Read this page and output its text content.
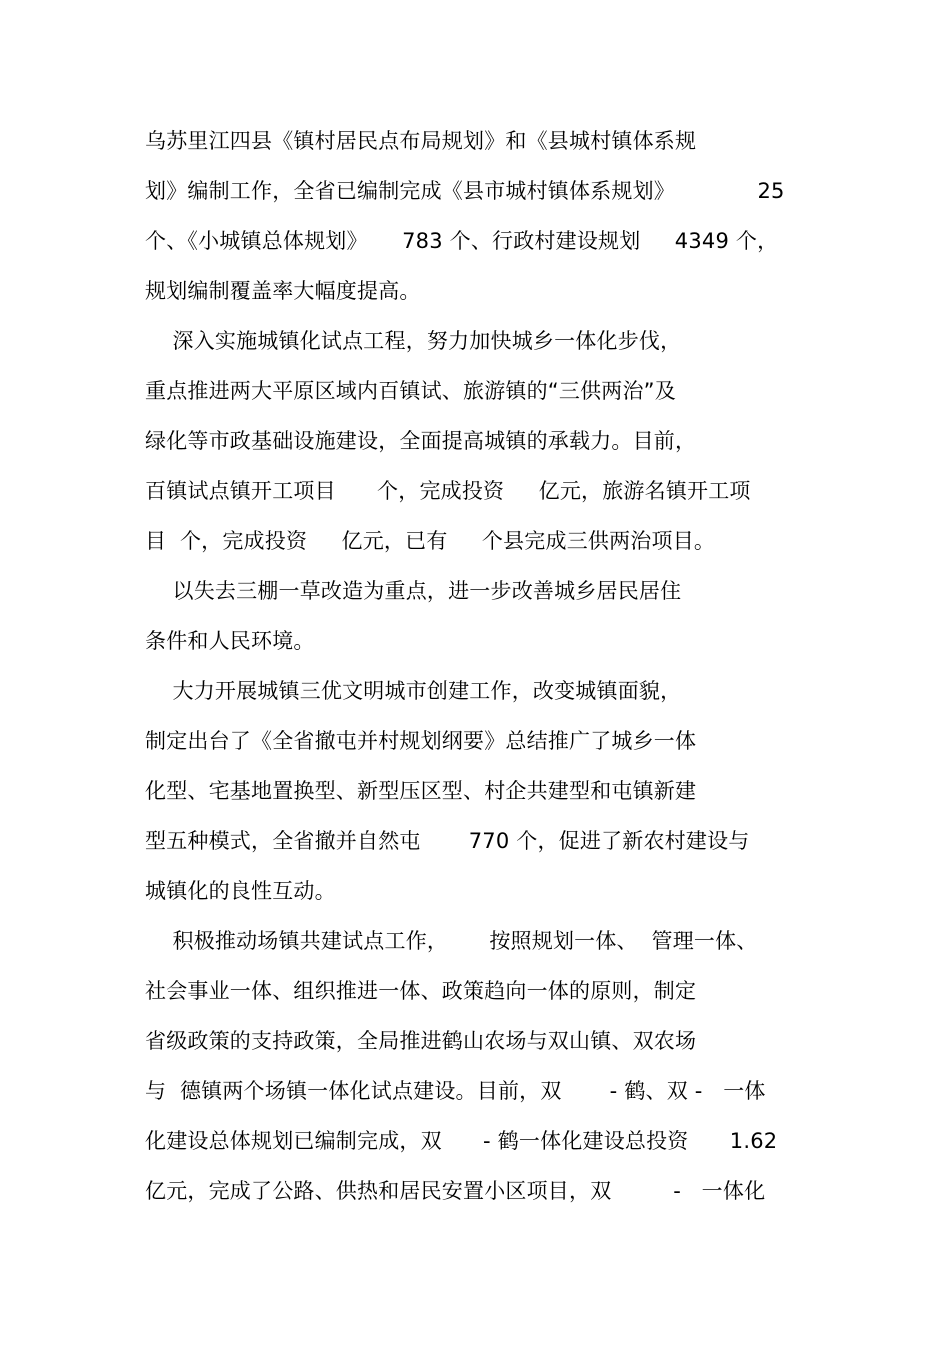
乌苏里江四县《镇村居民点布局规划》和《县城村镇体系规
划》编制工作，全省已编制完成《县市城村镇体系规划》            25
个、《小城镇总体规划》     783 个、行政村建设规划     4349 个，
规划编制覆盖率大幅度提高。
深入实施城镇化试点工程，努力加快城乡一体化步伐，
重点推进两大平原区域内百镇试、旅游镇的“三供两治”及
绿化等市政基础设施建设，全面提高城镇的承载力。目前，
百镇试点镇开工项目      个，完成投资     亿元，旅游名镇开工项
目  个，完成投资     亿元，已有     个县完成三供两治项目。
以失去三棚一草改造为重点，进一步改善城乡居民居住
条件和人民环境。
大力开展城镇三优文明城市创建工作，改变城镇面貌，
制定出台了《全省撤屯并村规划纲要》总结推广了城乡一体
化型、宅基地置换型、新型压区型、村企共建型和屯镇新建
型五种模式，全省撤并自然屯       770 个，促进了新农村建设与
城镇化的良性互动。
积极推动场镇共建试点工作，      按照规划一体、  管理一体、
社会事业一体、组织推进一体、政策趋向一体的原则，制定
省级政策的支持政策，全局推进鹤山农场与双山镇、双农场
与  德镇两个场镇一体化试点建设。目前，双       - 鹤、双 -   一体
化建设总体规划已编制完成，双      - 鹤一体化建设总投资      1.62
亿元，完成了公路、供热和居民安置小区项目，双         -   一体化
